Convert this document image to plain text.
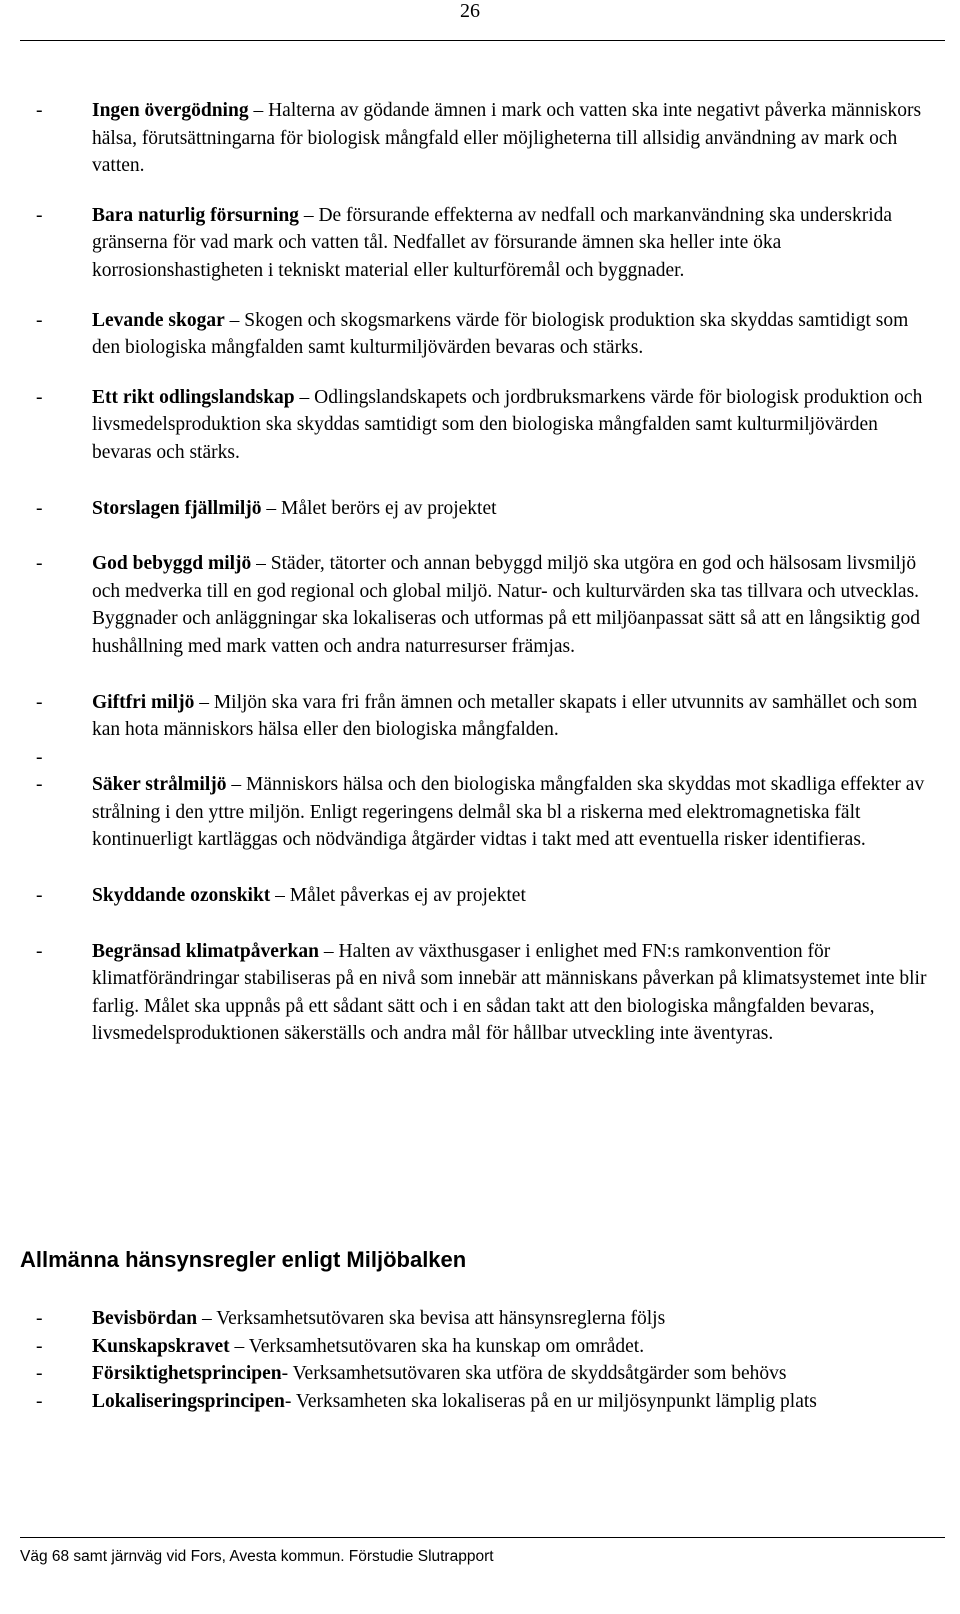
26
-	Ingen övergödning – Halterna av gödande ämnen i mark och vatten ska inte negativt påverka människors hälsa, förutsättningarna för biologisk mångfald eller möjligheterna till allsidig användning av mark och vatten.
-	Bara naturlig försurning – De försurande effekterna av nedfall och markanvändning ska underskrida gränserna för vad mark och vatten tål. Nedfallet av försurande ämnen ska heller inte öka korrosionshastigheten i tekniskt material eller kulturföremål och byggnader.
-	Levande skogar – Skogen och skogsmarkens värde för biologisk produktion ska skyddas samtidigt som den biologiska mångfalden samt kulturmiljövärden bevaras och stärks.
-	Ett rikt odlingslandskap – Odlingslandskapets och jordbruksmarkens värde för biologisk produktion och livsmedelsproduktion ska skyddas samtidigt som den biologiska mångfalden samt kulturmiljövärden bevaras och stärks.
-	Storslagen fjällmiljö – Målet berörs ej av projektet
-	God bebyggd miljö – Städer, tätorter och annan bebyggd miljö ska utgöra en god och hälsosam livsmiljö och medverka till en god regional och global miljö. Natur- och kulturvärden ska tas tillvara och utvecklas. Byggnader och anläggningar ska lokaliseras och utformas på ett miljöanpassat sätt så att en långsiktig god hushållning med mark vatten och andra naturresurser främjas.
-	Giftfri miljö – Miljön ska vara fri från ämnen och metaller skapats i eller utvunnits av samhället och som kan hota människors hälsa eller den biologiska mångfalden.
-
-	Säker strålmiljö – Människors hälsa och den biologiska mångfalden ska skyddas mot skadliga effekter av strålning i den yttre miljön. Enligt regeringens delmål ska bl a riskerna med elektromagnetiska fält kontinuerligt kartläggas och nödvändiga åtgärder vidtas i takt med att eventuella risker identifieras.
-	Skyddande ozonskikt – Målet påverkas ej av projektet
-	Begränsad klimatpåverkan – Halten av växthusgaser i enlighet med FN:s ramkonvention för klimatförändringar stabiliseras på en nivå som innebär att människans påverkan på klimatsystemet inte blir farlig. Målet ska uppnås på ett sådant sätt och i en sådan takt att den biologiska mångfalden bevaras, livsmedelsproduktionen säkerställs och andra mål för hållbar utveckling inte äventyras.
Allmänna hänsynsregler enligt Miljöbalken
-	Bevisbördan – Verksamhetsutövaren ska bevisa att hänsynsreglerna följs
-	Kunskapskravet – Verksamhetsutövaren ska ha kunskap om området.
-	Försiktighetsprincipen- Verksamhetsutövaren ska utföra de skyddsåtgärder som behövs
-	Lokaliseringsprincipen- Verksamheten ska lokaliseras på en ur miljösynpunkt lämplig plats
Väg 68 samt järnväg vid Fors, Avesta kommun. Förstudie Slutrapport
